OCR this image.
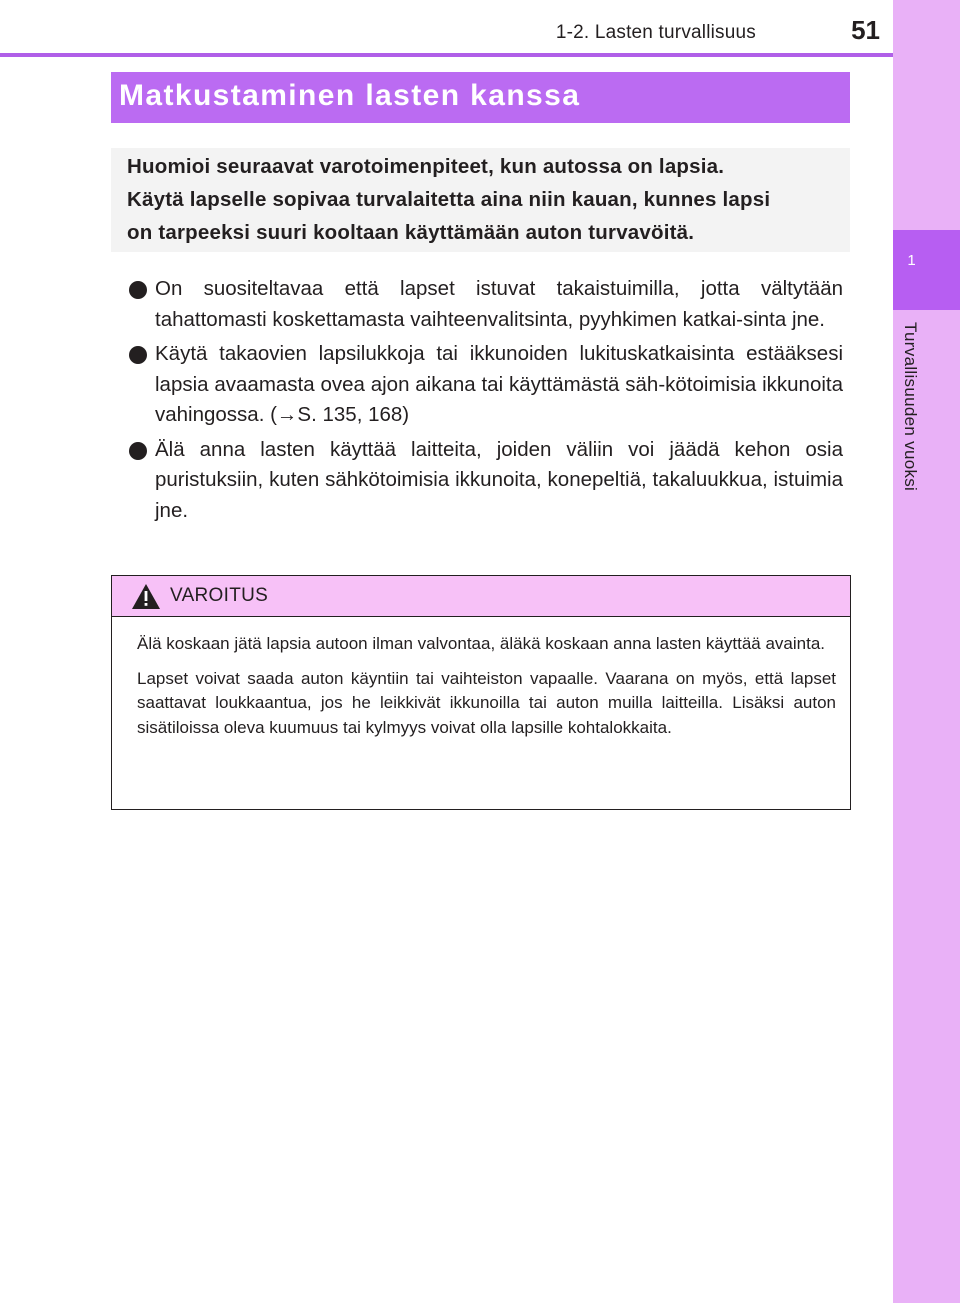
1
Turvallisuuden vuoksi
1-2. Lasten turvallisuus	51
Matkustaminen lasten kanssa
Huomioi seuraavat varotoimenpiteet, kun autossa on lapsia.
Käytä lapselle sopivaa turvalaitetta aina niin kauan, kunnes lapsi
on tarpeeksi suuri kooltaan käyttämään auton turvavöitä.
On suositeltavaa että lapset istuvat takaistuimilla, jotta vältytään tahattomasti koskettamasta vaihteenvalitsinta, pyyhkimen katkai-sinta jne.
Käytä takaovien lapsilukkoja tai ikkunoiden lukituskatkaisinta estääksesi lapsia avaamasta ovea ajon aikana tai käyttämästä säh-kötoimisia ikkunoita vahingossa. (→S. 135, 168)
Älä anna lasten käyttää laitteita, joiden väliin voi jäädä kehon osia puristuksiin, kuten sähkötoimisia ikkunoita, konepeltiä, takaluukkua, istuimia jne.
VAROITUS

Älä koskaan jätä lapsia autoon ilman valvontaa, äläkä koskaan anna lasten käyttää avainta.

Lapset voivat saada auton käyntiin tai vaihteiston vapaalle. Vaarana on myös, että lapset saattavat loukkaantua, jos he leikkivät ikkunoilla tai auton muilla laitteilla. Lisäksi auton sisätiloissa oleva kuumuus tai kylmyys voivat olla lapsille kohtalokkaita.
